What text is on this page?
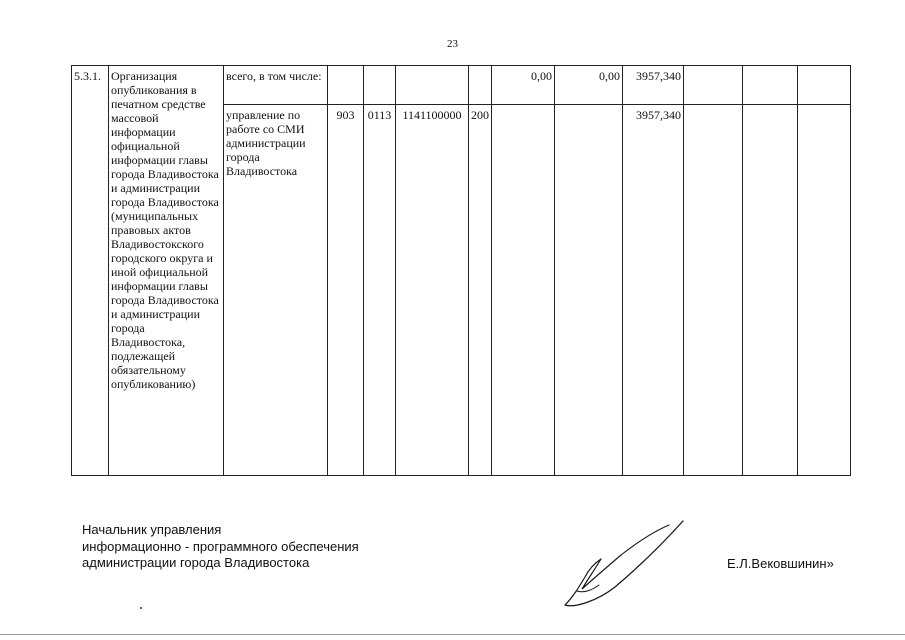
23
5.3.1.	Организация опубликования в печатном средстве массовой информации официальной информации главы города Владивостока и администрации города Владивостока (муниципальных правовых актов Владивостокского городского округа и иной официальной информации главы города Владивостока и администрации города Владивостока, подлежащей обязательному опубликованию)	всего, в том числе:					0,00	0,00	3957,340			
		управление по работе со СМИ администрации города Владивостока	903	0113	1141100000	200			3957,340			
Начальник управления
информационно - программного обеспечения
администрации города Владивостока	Е.Л.Вековшинин»
